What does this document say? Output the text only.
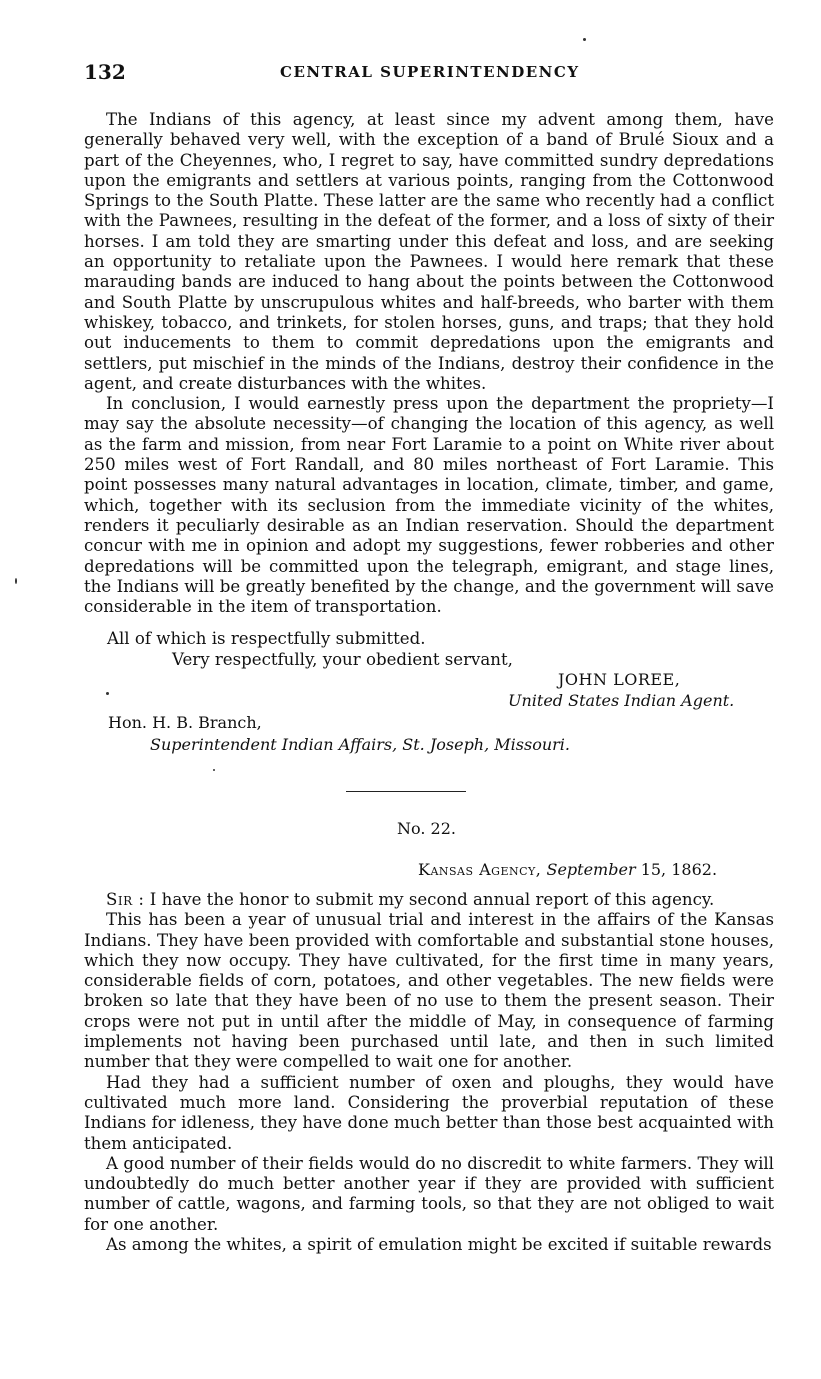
132	CENTRAL SUPERINTENDENCY

The Indians of this agency, at least since my advent among them, have generally behaved very well, with the exception of a band of Brulé Sioux and a part of the Cheyennes, who, I regret to say, have committed sundry depredations upon the emigrants and settlers at various points, ranging from the Cottonwood Springs to the South Platte. These latter are the same who recently had a conflict with the Pawnees, resulting in the defeat of the former, and a loss of sixty of their horses. I am told they are smarting under this defeat and loss, and are seeking an opportunity to retaliate upon the Pawnees. I would here remark that these marauding bands are induced to hang about the points between the Cottonwood and South Platte by unscrupulous whites and half-breeds, who barter with them whiskey, tobacco, and trinkets, for stolen horses, guns, and traps; that they hold out inducements to them to commit depredations upon the emigrants and settlers, put mischief in the minds of the Indians, destroy their confidence in the agent, and create disturbances with the whites.

In conclusion, I would earnestly press upon the department the propriety—I may say the absolute necessity—of changing the location of this agency, as well as the farm and mission, from near Fort Laramie to a point on White river about 250 miles west of Fort Randall, and 80 miles northeast of Fort Laramie. This point possesses many natural advantages in location, climate, timber, and game, which, together with its seclusion from the immediate vicinity of the whites, renders it peculiarly desirable as an Indian reservation. Should the department concur with me in opinion and adopt my suggestions, fewer robberies and other depredations will be committed upon the telegraph, emigrant, and stage lines, the Indians will be greatly benefited by the change, and the government will save considerable in the item of transportation.

All of which is respectfully submitted.
Very respectfully, your obedient servant,
JOHN LOREE,
United States Indian Agent.
Hon. H. B. Branch,
Superintendent Indian Affairs, St. Joseph, Missouri.
No. 22.
Kansas Agency, September 15, 1862.

Sir : I have the honor to submit my second annual report of this agency.

This has been a year of unusual trial and interest in the affairs of the Kansas Indians. They have been provided with comfortable and substantial stone houses, which they now occupy. They have cultivated, for the first time in many years, considerable fields of corn, potatoes, and other vegetables. The new fields were broken so late that they have been of no use to them the present season. Their crops were not put in until after the middle of May, in consequence of farming implements not having been purchased until late, and then in such limited number that they were compelled to wait one for another.

Had they had a sufficient number of oxen and ploughs, they would have cultivated much more land. Considering the proverbial reputation of these Indians for idleness, they have done much better than those best acquainted with them anticipated.

A good number of their fields would do no discredit to white farmers. They will undoubtedly do much better another year if they are provided with sufficient number of cattle, wagons, and farming tools, so that they are not obliged to wait for one another.

As among the whites, a spirit of emulation might be excited if suitable rewards
